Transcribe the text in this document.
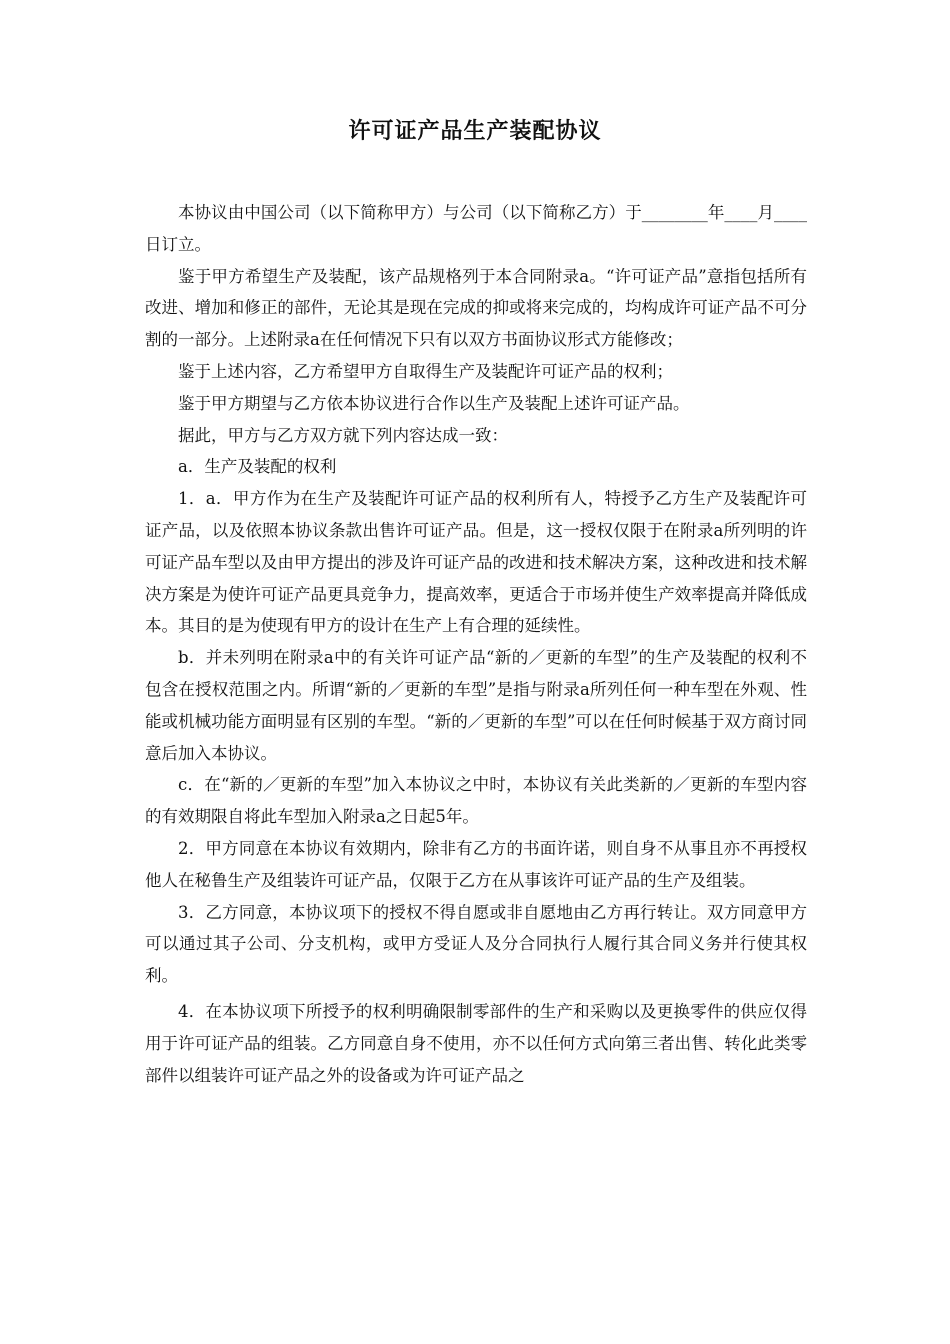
许可证产品生产装配协议

本协议由中国公司（以下简称甲方）与公司（以下简称乙方）于________年____月____日订立。

鉴于甲方希望生产及装配，该产品规格列于本合同附录a。“许可证产品”意指包括所有改进、增加和修正的部件，无论其是现在完成的抑或将来完成的，均构成许可证产品不可分割的一部分。上述附录a在任何情况下只有以双方书面协议形式方能修改；

鉴于上述内容，乙方希望甲方自取得生产及装配许可证产品的权利；

鉴于甲方期望与乙方依本协议进行合作以生产及装配上述许可证产品。

据此，甲方与乙方双方就下列内容达成一致：

a．生产及装配的权利

1．a．甲方作为在生产及装配许可证产品的权利所有人，特授予乙方生产及装配许可证产品，以及依照本协议条款出售许可证产品。但是，这一授权仅限于在附录a所列明的许可证产品车型以及由甲方提出的涉及许可证产品的改进和技术解决方案，这种改进和技术解决方案是为使许可证产品更具竞争力，提高效率，更适合于市场并使生产效率提高并降低成本。其目的是为使现有甲方的设计在生产上有合理的延续性。

b．并未列明在附录a中的有关许可证产品“新的／更新的车型”的生产及装配的权利不包含在授权范围之内。所谓“新的／更新的车型”是指与附录a所列任何一种车型在外观、性能或机械功能方面明显有区别的车型。“新的／更新的车型”可以在任何时候基于双方商讨同意后加入本协议。

c．在“新的／更新的车型”加入本协议之中时，本协议有关此类新的／更新的车型内容的有效期限自将此车型加入附录a之日起5年。

2．甲方同意在本协议有效期内，除非有乙方的书面许诺，则自身不从事且亦不再授权他人在秘鲁生产及组装许可证产品，仅限于乙方在从事该许可证产品的生产及组装。

3．乙方同意，本协议项下的授权不得自愿或非自愿地由乙方再行转让。双方同意甲方可以通过其子公司、分支机构，或甲方受证人及分合同执行人履行其合同义务并行使其权利。

4．在本协议项下所授予的权利明确限制零部件的生产和采购以及更换零件的供应仅得用于许可证产品的组装。乙方同意自身不使用，亦不以任何方式向第三者出售、转化此类零部件以组装许可证产品之外的设备或为许可证产品之
